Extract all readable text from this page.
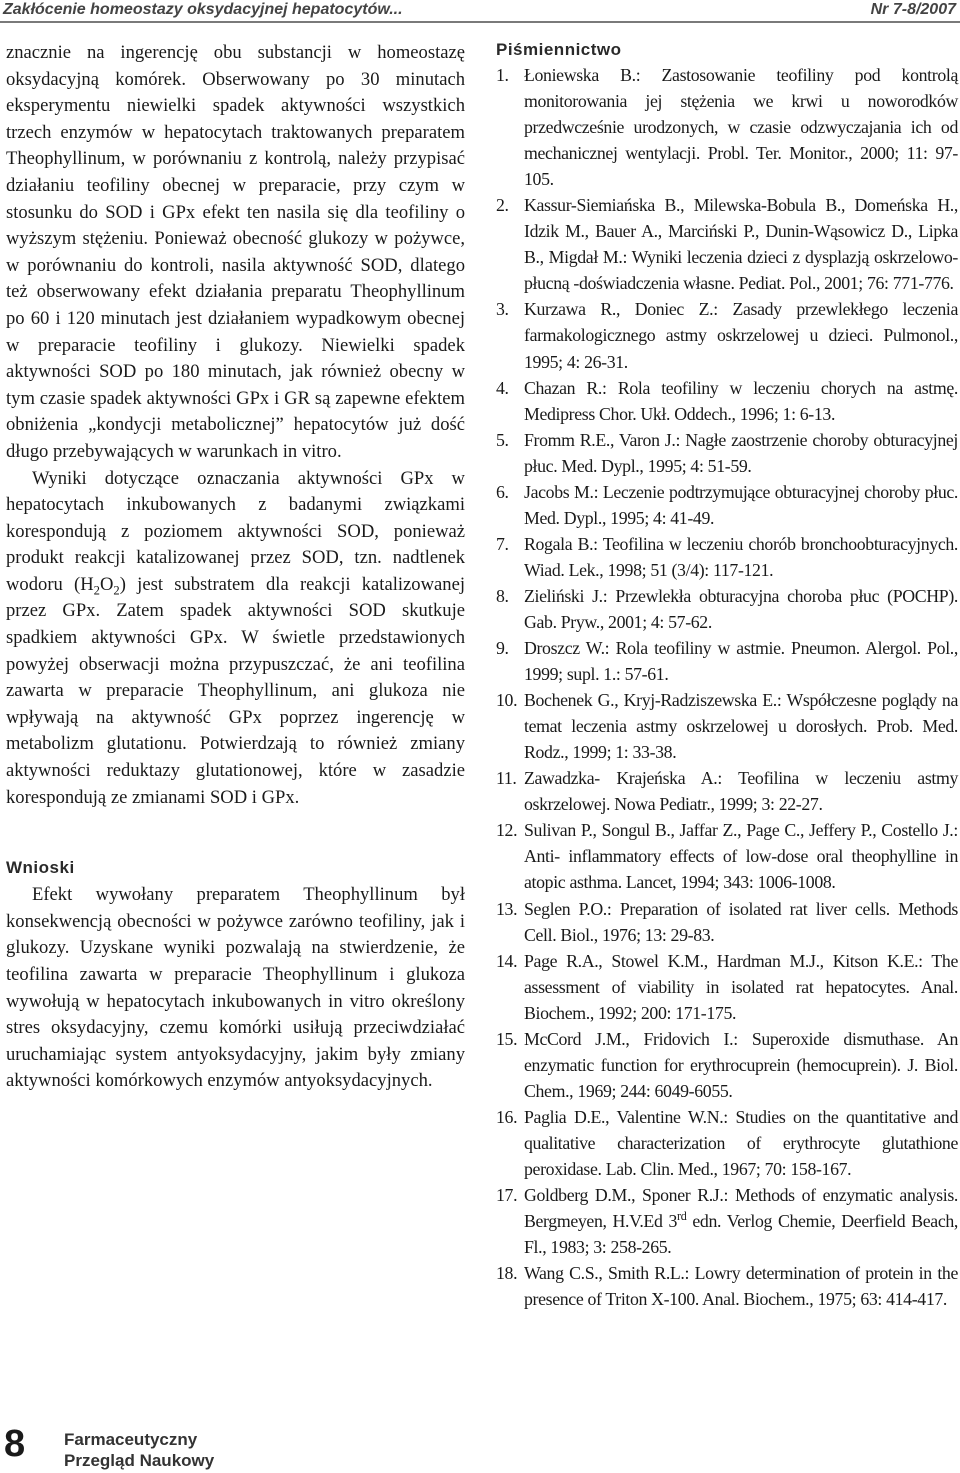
Zakłócenie homeostazy oksydacyjnej hepatocytów...	Nr 7-8/2007

znacznie na ingerencję obu substancji w homeostazę oksydacyjną komórek. Obserwowany po 30 minutach eksperymentu niewielki spadek aktywności wszystkich trzech enzymów w hepatocytach traktowanych preparatem Theophyllinum, w porównaniu z kontrolą, należy przypisać działaniu teofiliny obecnej w preparacie, przy czym w stosunku do SOD i GPx efekt ten nasila się dla teofiliny o wyższym stężeniu. Ponieważ obecność glukozy w pożywce, w porównaniu do kontroli, nasila aktywność SOD, dlatego też obserwowany efekt działania preparatu Theophyllinum po 60 i 120 minutach jest działaniem wypadkowym obecnej w preparacie teofiliny i glukozy. Niewielki spadek aktywności SOD po 180 minutach, jak również obecny w tym czasie spadek aktywności GPx i GR są zapewne efektem obniżenia „kondycji metabolicznej” hepatocytów już dość długo przebywających w warunkach in vitro.

Wyniki dotyczące oznaczania aktywności GPx w hepatocytach inkubowanych z badanymi związkami korespondują z poziomem aktywności SOD, ponieważ produkt reakcji katalizowanej przez SOD, tzn. nadtlenek wodoru $(H_2O_2)$ jest substratem dla reakcji katalizowanej przez GPx. Zatem spadek aktywności SOD skutkuje spadkiem aktywności GPx. W świetle przedstawionych powyżej obserwacji można przypuszczać, że ani teofilina zawarta w preparacie Theophyllinum, ani glukoza nie wpływają na aktywność GPx poprzez ingerencję w metabolizm glutationu. Potwierdzają to również zmiany aktywności reduktazy glutationowej, które w zasadzie korespondują ze zmianami SOD i GPx.

Wnioski

Efekt wywołany preparatem Theophyllinum był konsekwencją obecności w pożywce zarówno teofiliny, jak i glukozy. Uzyskane wyniki pozwalają na stwierdzenie, że teofilina zawarta w preparacie Theophyllinum i glukoza wywołują w hepatocytach inkubowanych in vitro określony stres oksydacyjny, czemu komórki usiłują przeciwdziałać uruchamiając system antyoksydacyjny, jakim były zmiany aktywności komórkowych enzymów antyoksydacyjnych.

Piśmiennictwo
1. Łoniewska B.: Zastosowanie teofiliny pod kontrolą monitorowania jej stężenia we krwi u noworodków przedwcześnie urodzonych, w czasie odzwyczajania ich od mechanicznej wentylacji. Probl. Ter. Monitor., 2000; 11: 97-105.
2. Kassur-Siemiańska B., Milewska-Bobula B., Domeńska H., Idzik M., Bauer A., Marciński P., Dunin-Wąsowicz D., Lipka B., Migdał M.: Wyniki leczenia dzieci z dysplazją oskrzelowo-płucną -doświadczenia własne. Pediat. Pol., 2001; 76: 771-776.
3. Kurzawa R., Doniec Z.: Zasady przewlekłego leczenia farmakologicznego astmy oskrzelowej u dzieci. Pulmonol., 1995; 4: 26-31.
4. Chazan R.: Rola teofiliny w leczeniu chorych na astmę. Medipress Chor. Ukł. Oddech., 1996; 1: 6-13.
5. Fromm R.E., Varon J.: Nagłe zaostrzenie choroby obturacyjnej płuc. Med. Dypl., 1995; 4: 51-59.
6. Jacobs M.: Leczenie podtrzymujące obturacyjnej choroby płuc. Med. Dypl., 1995; 4: 41-49.
7. Rogala B.: Teofilina w leczeniu chorób bronchoobturacyjnych. Wiad. Lek., 1998; 51 (3/4): 117-121.
8. Zieliński J.: Przewlekła obturacyjna choroba płuc (POCHP). Gab. Pryw., 2001; 4: 57-62.
9. Droszcz W.: Rola teofiliny w astmie. Pneumon. Alergol. Pol., 1999; supl. 1.: 57-61.
10. Bochenek G., Kryj-Radziszewska E.: Współczesne poglądy na temat leczenia astmy oskrzelowej u dorosłych. Prob. Med. Rodz., 1999; 1: 33-38.
11. Zawadzka- Krajeńska A.: Teofilina w leczeniu astmy oskrzelowej. Nowa Pediatr., 1999; 3: 22-27.
12. Sulivan P., Songul B., Jaffar Z., Page C., Jeffery P., Costello J.: Anti- inflammatory effects of low-dose oral theophylline in atopic asthma. Lancet, 1994; 343: 1006-1008.
13. Seglen P.O.: Preparation of isolated rat liver cells. Methods Cell. Biol., 1976; 13: 29-83.
14. Page R.A., Stowel K.M., Hardman M.J., Kitson K.E.: The assessment of viability in isolated rat hepatocytes. Anal. Biochem., 1992; 200: 171-175.
15. McCord J.M., Fridovich I.: Superoxide dismuthase. An enzymatic function for erythrocuprein (hemocuprein). J. Biol. Chem., 1969; 244: 6049-6055.
16. Paglia D.E., Valentine W.N.: Studies on the quantitative and qualitative characterization of erythrocyte glutathione peroxidase. Lab. Clin. Med., 1967; 70: 158-167.
17. Goldberg D.M., Sponer R.J.: Methods of enzymatic analysis. Bergmeyen, H.V.Ed 3rd edn. Verlog Chemie, Deerfield Beach, Fl., 1983; 3: 258-265.
18. Wang C.S., Smith R.L.: Lowry determination of protein in the presence of Triton X-100. Anal. Biochem., 1975; 63: 414-417.
8 Farmaceutyczny
Przegląd Naukowy
